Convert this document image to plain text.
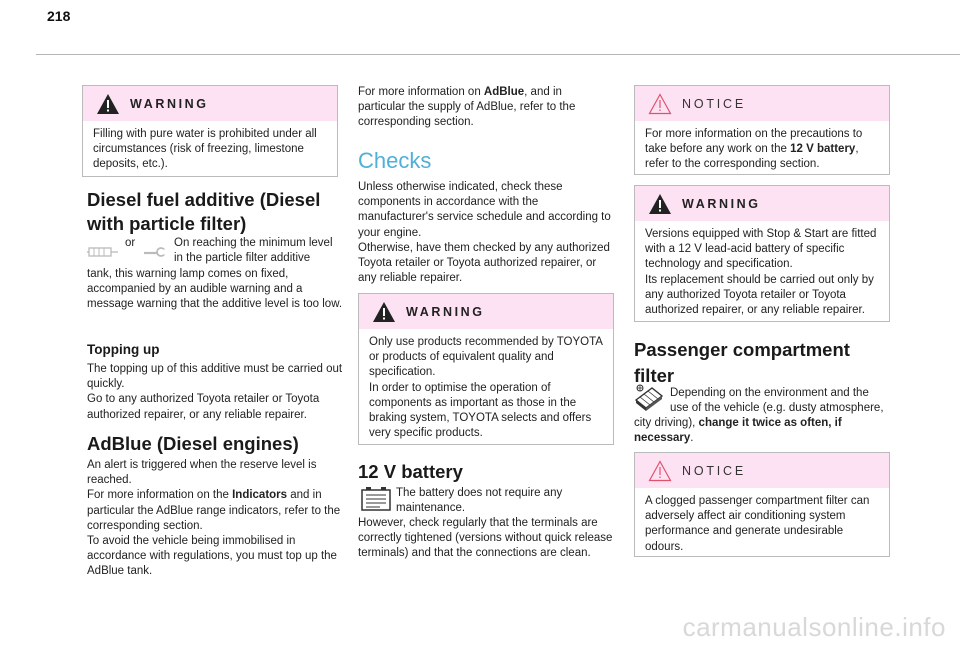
218
WARNING
Filling with pure water is prohibited under all circumstances (risk of freezing, limestone deposits, etc.).
Diesel fuel additive (Diesel
with particle filter)
or	On reaching the minimum level
in the particle filter additive
tank, this warning lamp comes on fixed, accompanied by an audible warning and a message warning that the additive level is too low.
Topping up
The topping up of this additive must be carried out quickly.
Go to any authorized Toyota retailer or Toyota authorized repairer, or any reliable repairer.
AdBlue (Diesel engines)
An alert is triggered when the reserve level is reached.
For more information on the Indicators and in particular the AdBlue range indicators, refer to the corresponding section.
To avoid the vehicle being immobilised in accordance with regulations, you must top up the AdBlue tank.
For more information on AdBlue, and in particular the supply of AdBlue, refer to the corresponding section.
Checks
Unless otherwise indicated, check these components in accordance with the manufacturer's service schedule and according to your engine.
Otherwise, have them checked by any authorized Toyota retailer or Toyota authorized repairer, or any reliable repairer.
WARNING
Only use products recommended by TOYOTA or products of equivalent quality and specification.
In order to optimise the operation of components as important as those in the braking system, TOYOTA selects and offers very specific products.
12 V battery
The battery does not require any
maintenance.
However, check regularly that the terminals are correctly tightened (versions without quick release terminals) and that the connections are clean.
NOTICE
For more information on the precautions to take before any work on the 12 V battery, refer to the corresponding section.
WARNING
Versions equipped with Stop & Start are fitted with a 12 V lead-acid battery of specific technology and specification.
Its replacement should be carried out only by any authorized Toyota retailer or Toyota authorized repairer, or any reliable repairer.
Passenger compartment
filter
Depending on the environment and the
use of the vehicle (e.g. dusty atmosphere,
city driving), change it twice as often, if necessary.
NOTICE
A clogged passenger compartment filter can adversely affect air conditioning system performance and generate undesirable odours.
carmanualsonline.info
